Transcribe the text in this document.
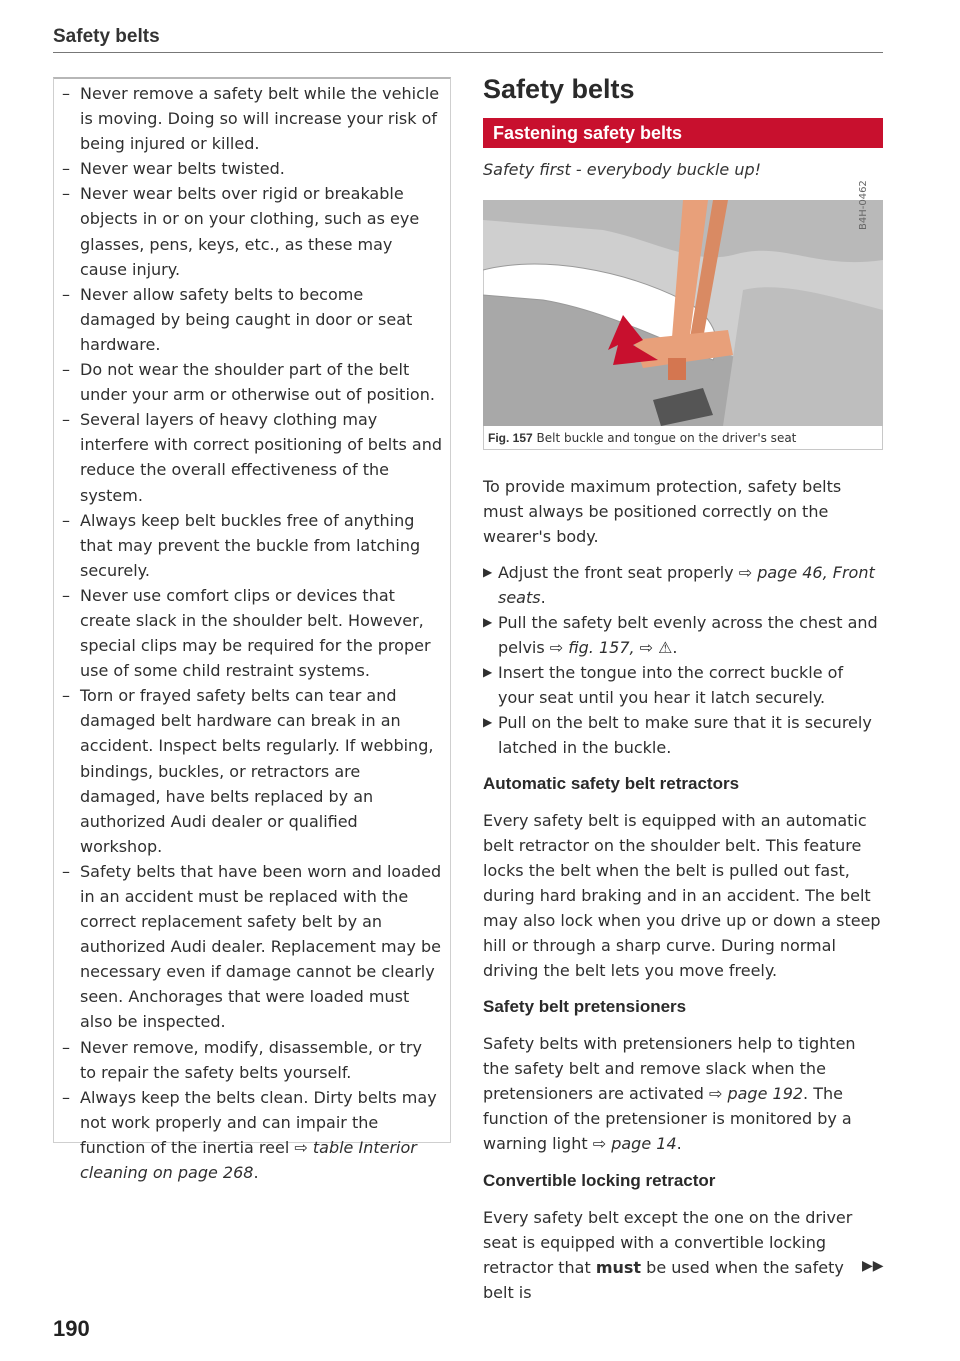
Safety belts
– Never remove a safety belt while the vehicle is moving. Doing so will increase your risk of being injured or killed.
– Never wear belts twisted.
– Never wear belts over rigid or breakable objects in or on your clothing, such as eye glasses, pens, keys, etc., as these may cause injury.
– Never allow safety belts to become damaged by being caught in door or seat hardware.
– Do not wear the shoulder part of the belt under your arm or otherwise out of position.
– Several layers of heavy clothing may interfere with correct positioning of belts and reduce the overall effectiveness of the system.
– Always keep belt buckles free of anything that may prevent the buckle from latching securely.
– Never use comfort clips or devices that create slack in the shoulder belt. However, special clips may be required for the proper use of some child restraint systems.
– Torn or frayed safety belts can tear and damaged belt hardware can break in an accident. Inspect belts regularly. If webbing, bindings, buckles, or retractors are damaged, have belts replaced by an authorized Audi dealer or qualified workshop.
– Safety belts that have been worn and loaded in an accident must be replaced with the correct replacement safety belt by an authorized Audi dealer. Replacement may be necessary even if damage cannot be clearly seen. Anchorages that were loaded must also be inspected.
– Never remove, modify, disassemble, or try to repair the safety belts yourself.
– Always keep the belts clean. Dirty belts may not work properly and can impair the function of the inertia reel ⇨ table Interior cleaning on page 268.
190
Safety belts
Fastening safety belts
Safety first - everybody buckle up!
B4H-0462
Fig. 157 Belt buckle and tongue on the driver's seat

To provide maximum protection, safety belts must always be positioned correctly on the wearer's body.

▶ Adjust the front seat properly ⇨ page 46, Front seats.
▶ Pull the safety belt evenly across the chest and pelvis ⇨ fig. 157, ⇨ ⚠.
▶ Insert the tongue into the correct buckle of your seat until you hear it latch securely.
▶ Pull on the belt to make sure that it is securely latched in the buckle.
Automatic safety belt retractors

Every safety belt is equipped with an automatic belt retractor on the shoulder belt. This feature locks the belt when the belt is pulled out fast, during hard braking and in an accident. The belt may also lock when you drive up or down a steep hill or through a sharp curve. During normal driving the belt lets you move freely.

Safety belt pretensioners

Safety belts with pretensioners help to tighten the safety belt and remove slack when the pretensioners are activated ⇨ page 192. The function of the pretensioner is monitored by a warning light ⇨ page 14.

Convertible locking retractor

Every safety belt except the one on the driver seat is equipped with a convertible locking retractor that must be used when the safety belt is

▶▶
